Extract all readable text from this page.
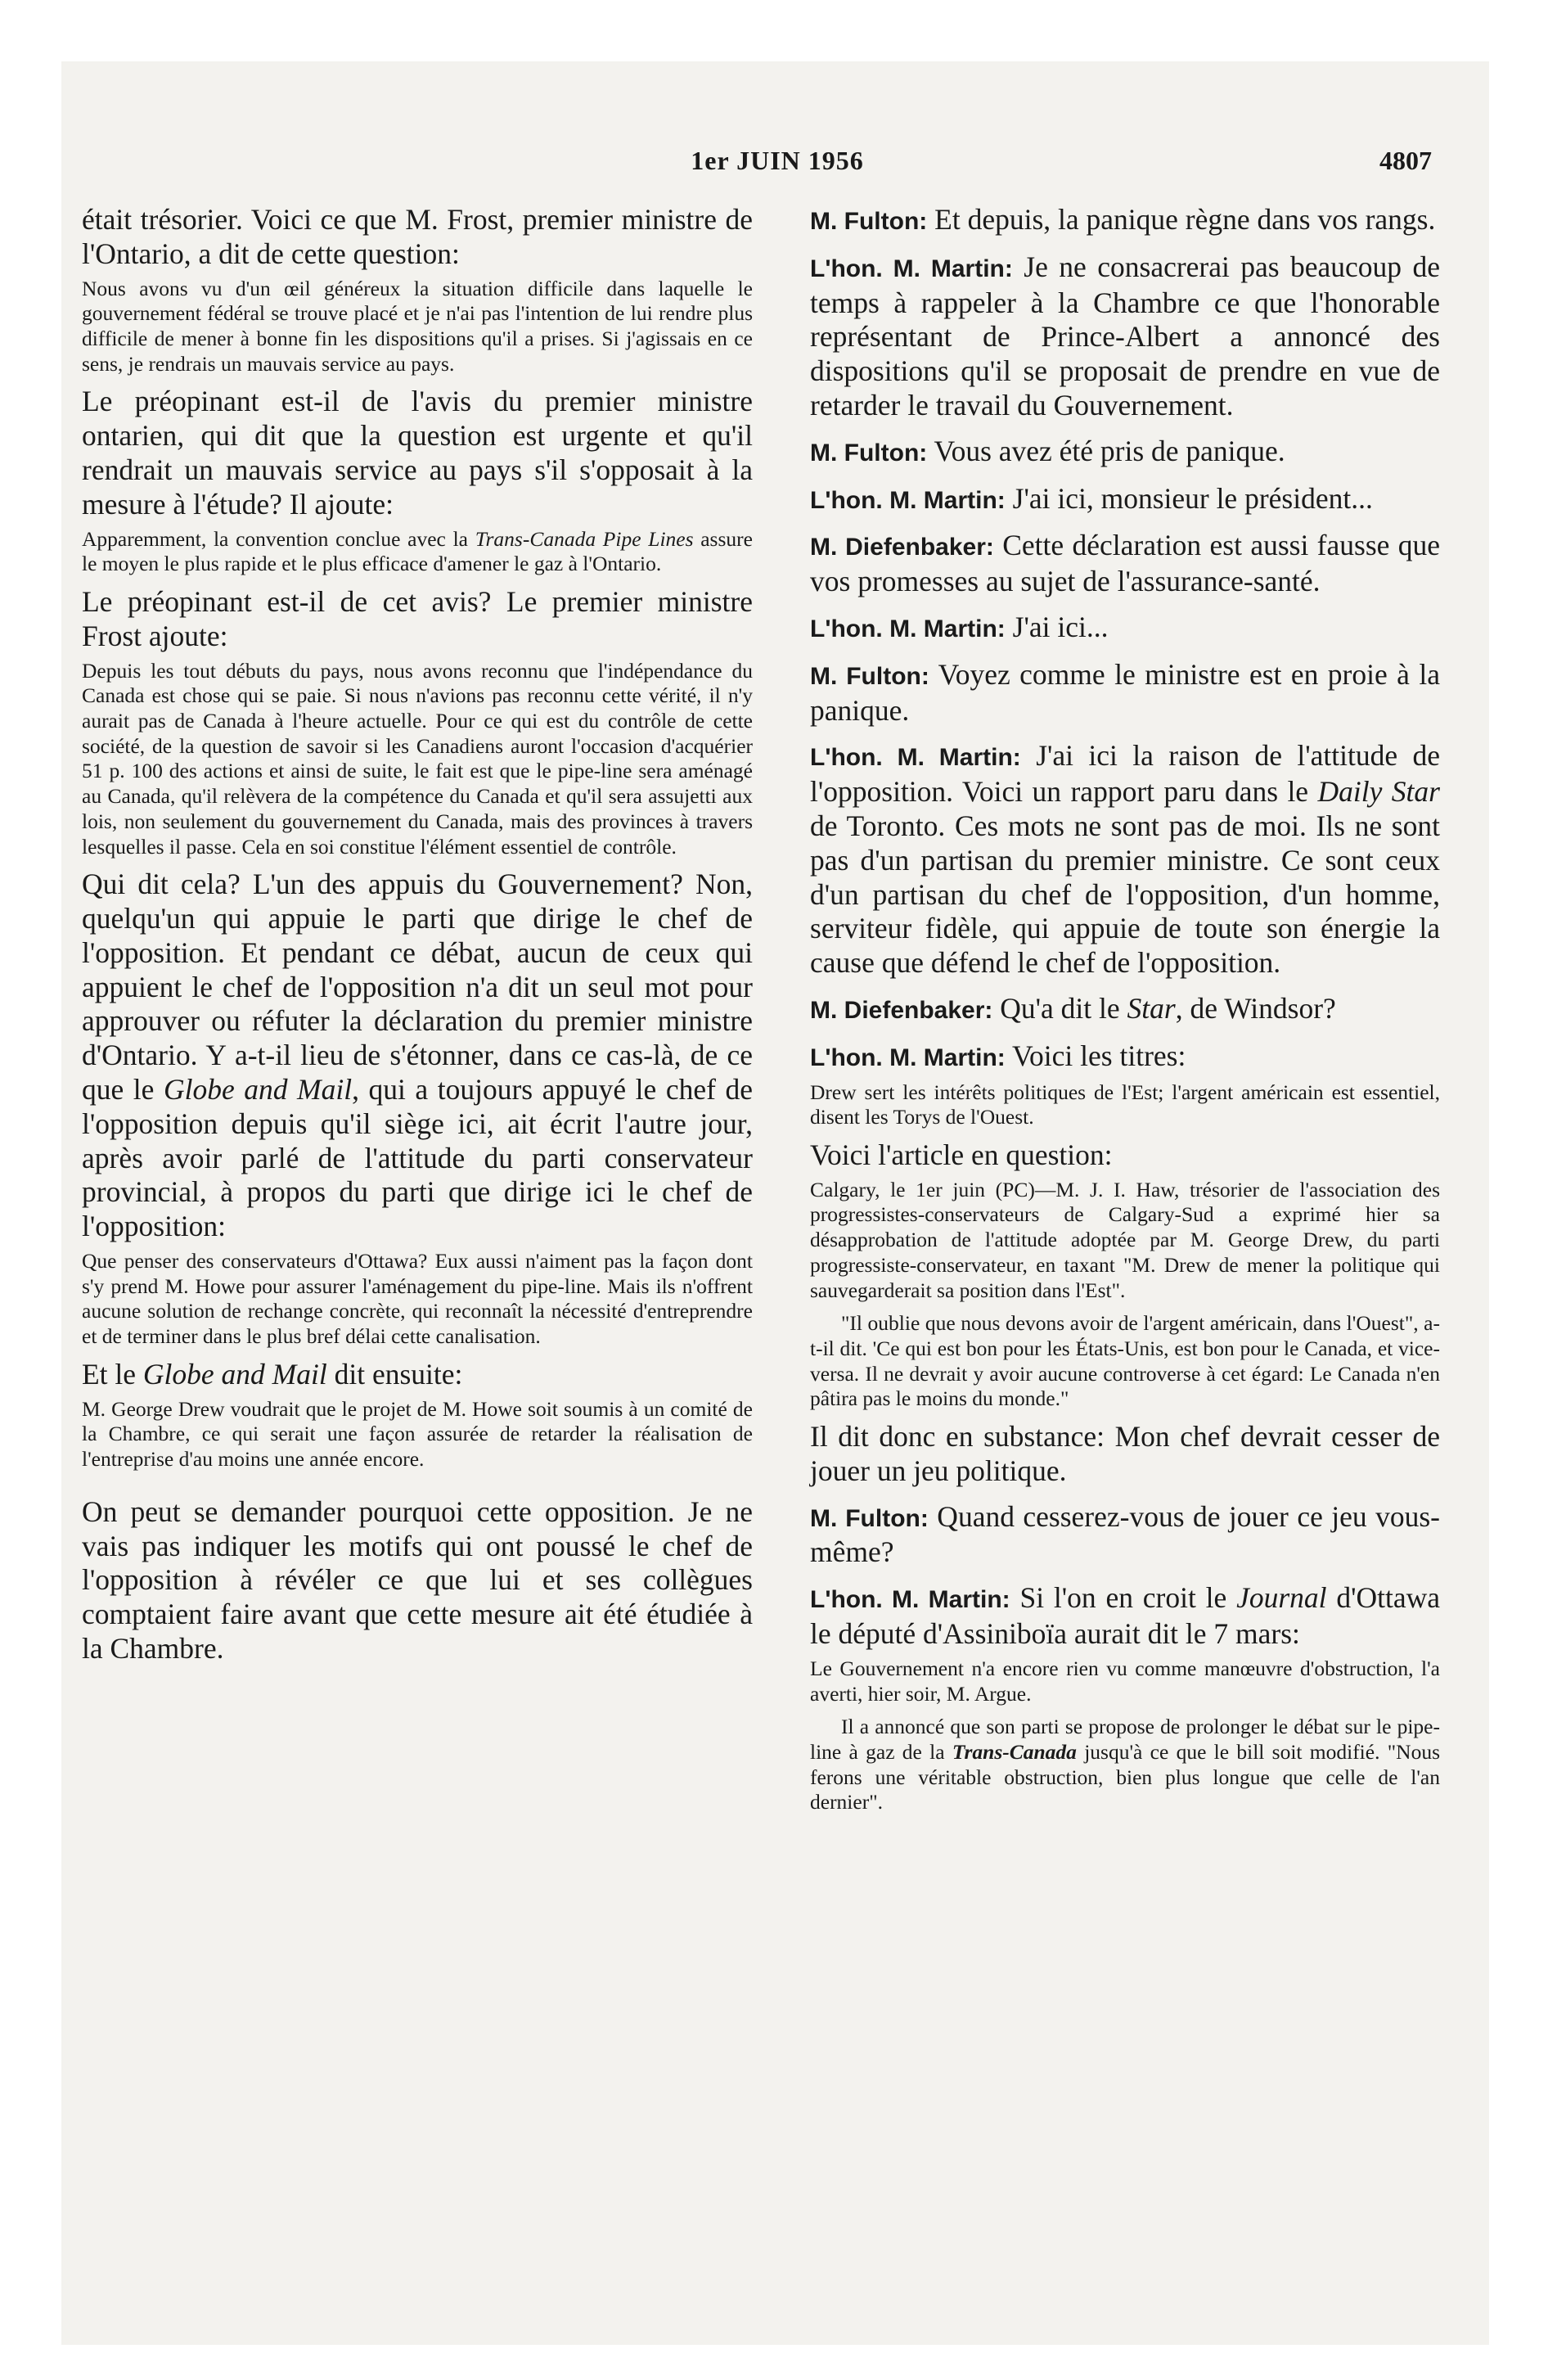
1er JUIN 1956	4807

était trésorier. Voici ce que M. Frost, premier ministre de l'Ontario, a dit de cette question:

Nous avons vu d'un œil généreux la situation difficile dans laquelle le gouvernement fédéral se trouve placé et je n'ai pas l'intention de lui rendre plus difficile de mener à bonne fin les dispositions qu'il a prises. Si j'agissais en ce sens, je rendrais un mauvais service au pays.

Le préopinant est-il de l'avis du premier ministre ontarien, qui dit que la question est urgente et qu'il rendrait un mauvais service au pays s'il s'opposait à la mesure à l'étude? Il ajoute:

Apparemment, la convention conclue avec la Trans-Canada Pipe Lines assure le moyen le plus rapide et le plus efficace d'amener le gaz à l'Ontario.

Le préopinant est-il de cet avis? Le premier ministre Frost ajoute:

Depuis les tout débuts du pays, nous avons reconnu que l'indépendance du Canada est chose qui se paie. Si nous n'avions pas reconnu cette vérité, il n'y aurait pas de Canada à l'heure actuelle. Pour ce qui est du contrôle de cette société, de la question de savoir si les Canadiens auront l'occasion d'acquérier 51 p. 100 des actions et ainsi de suite, le fait est que le pipe-line sera aménagé au Canada, qu'il relèvera de la compétence du Canada et qu'il sera assujetti aux lois, non seulement du gouvernement du Canada, mais des provinces à travers lesquelles il passe. Cela en soi constitue l'élément essentiel de contrôle.

Qui dit cela? L'un des appuis du Gouvernement? Non, quelqu'un qui appuie le parti que dirige le chef de l'opposition. Et pendant ce débat, aucun de ceux qui appuient le chef de l'opposition n'a dit un seul mot pour approuver ou réfuter la déclaration du premier ministre d'Ontario. Y a-t-il lieu de s'étonner, dans ce cas-là, de ce que le Globe and Mail, qui a toujours appuyé le chef de l'opposition depuis qu'il siège ici, ait écrit l'autre jour, après avoir parlé de l'attitude du parti conservateur provincial, à propos du parti que dirige ici le chef de l'opposition:

Que penser des conservateurs d'Ottawa? Eux aussi n'aiment pas la façon dont s'y prend M. Howe pour assurer l'aménagement du pipe-line. Mais ils n'offrent aucune solution de rechange concrète, qui reconnaît la nécessité d'entreprendre et de terminer dans le plus bref délai cette canalisation.

Et le Globe and Mail dit ensuite:

M. George Drew voudrait que le projet de M. Howe soit soumis à un comité de la Chambre, ce qui serait une façon assurée de retarder la réalisation de l'entreprise d'au moins une année encore.

On peut se demander pourquoi cette opposition. Je ne vais pas indiquer les motifs qui ont poussé le chef de l'opposition à révéler ce que lui et ses collègues comptaient faire avant que cette mesure ait été étudiée à la Chambre.

M. Fulton: Et depuis, la panique règne dans vos rangs.

L'hon. M. Martin: Je ne consacrerai pas beaucoup de temps à rappeler à la Chambre ce que l'honorable représentant de Prince-Albert a annoncé des dispositions qu'il se proposait de prendre en vue de retarder le travail du Gouvernement.

M. Fulton: Vous avez été pris de panique.

L'hon. M. Martin: J'ai ici, monsieur le président...

M. Diefenbaker: Cette déclaration est aussi fausse que vos promesses au sujet de l'assurance-santé.

L'hon. M. Martin: J'ai ici...

M. Fulton: Voyez comme le ministre est en proie à la panique.

L'hon. M. Martin: J'ai ici la raison de l'attitude de l'opposition. Voici un rapport paru dans le Daily Star de Toronto. Ces mots ne sont pas de moi. Ils ne sont pas d'un partisan du premier ministre. Ce sont ceux d'un partisan du chef de l'opposition, d'un homme, serviteur fidèle, qui appuie de toute son énergie la cause que défend le chef de l'opposition.

M. Diefenbaker: Qu'a dit le Star, de Windsor?

L'hon. M. Martin: Voici les titres:

Drew sert les intérêts politiques de l'Est; l'argent américain est essentiel, disent les Torys de l'Ouest.

Voici l'article en question:

Calgary, le 1er juin (PC)—M. J. I. Haw, trésorier de l'association des progressistes-conservateurs de Calgary-Sud a exprimé hier sa désapprobation de l'attitude adoptée par M. George Drew, du parti progressiste-conservateur, en taxant "M. Drew de mener la politique qui sauvegarderait sa position dans l'Est".

"Il oublie que nous devons avoir de l'argent américain, dans l'Ouest", a-t-il dit. 'Ce qui est bon pour les États-Unis, est bon pour le Canada, et vice-versa. Il ne devrait y avoir aucune controverse à cet égard: Le Canada n'en pâtira pas le moins du monde."

Il dit donc en substance: Mon chef devrait cesser de jouer un jeu politique.

M. Fulton: Quand cesserez-vous de jouer ce jeu vous-même?

L'hon. M. Martin: Si l'on en croit le Journal d'Ottawa le député d'Assiniboïa aurait dit le 7 mars:

Le Gouvernement n'a encore rien vu comme manœuvre d'obstruction, l'a averti, hier soir, M. Argue.

Il a annoncé que son parti se propose de prolonger le débat sur le pipe-line à gaz de la Trans-Canada jusqu'à ce que le bill soit modifié. "Nous ferons une véritable obstruction, bien plus longue que celle de l'an dernier".
